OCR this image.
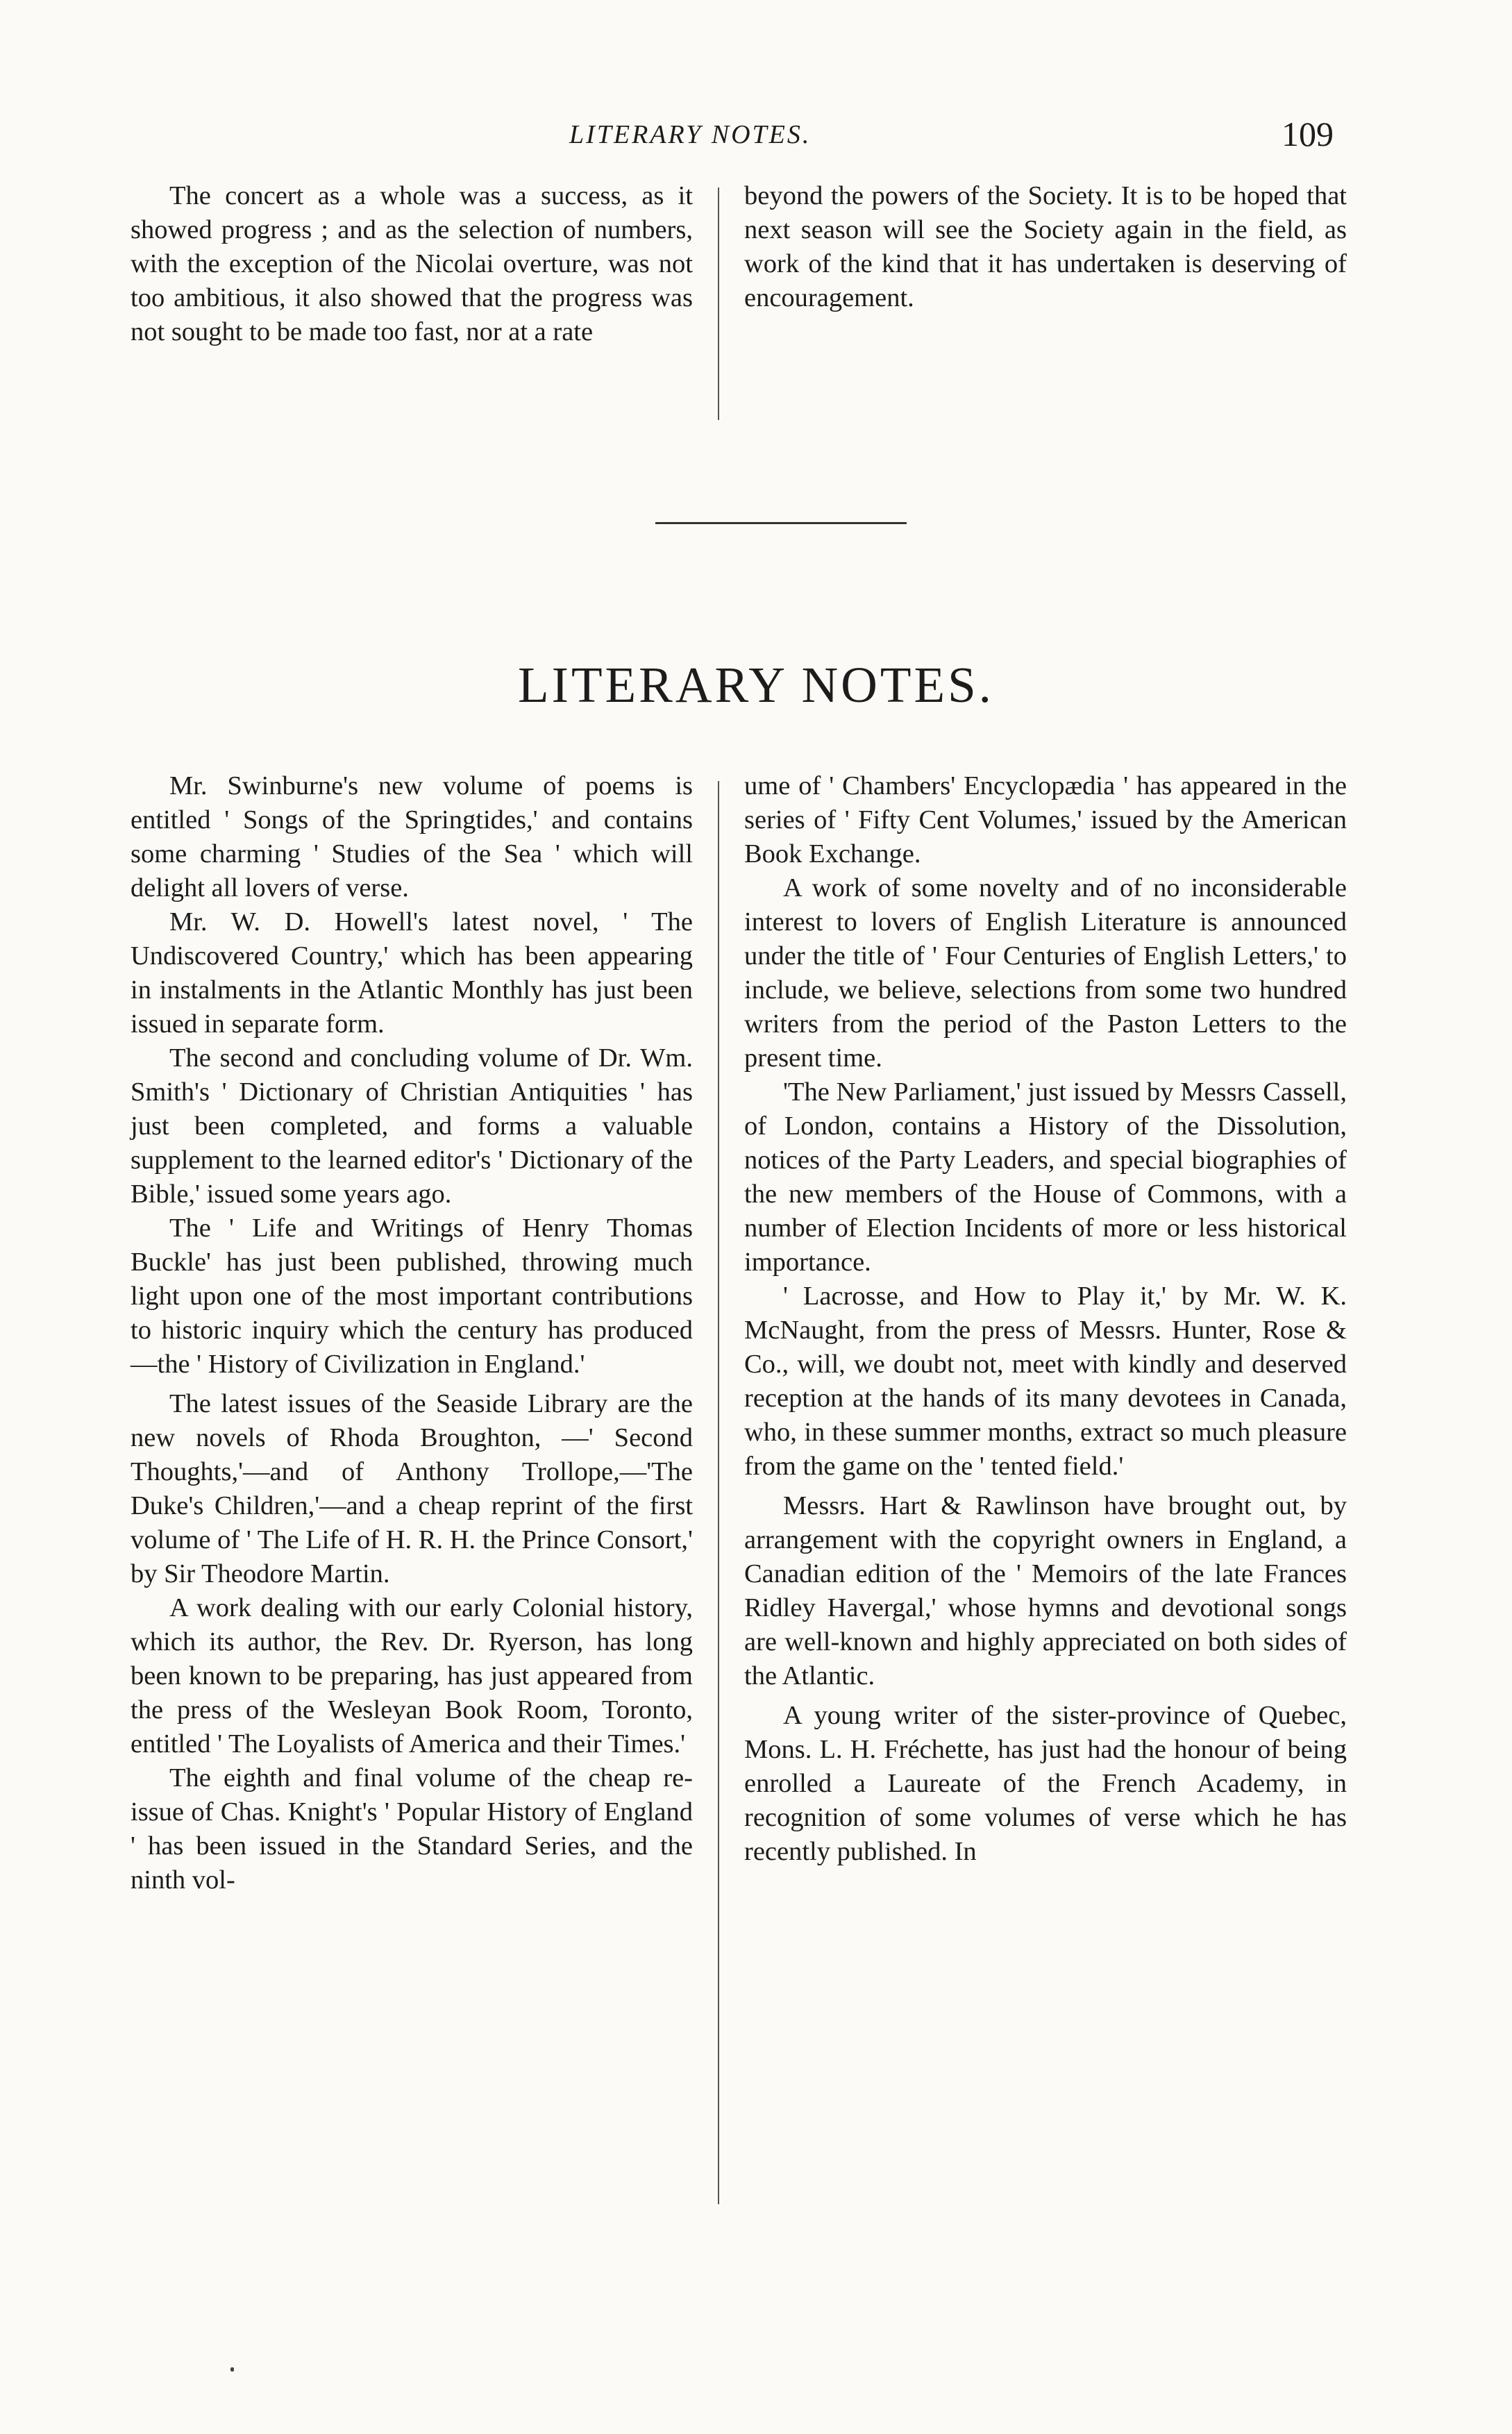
LITERARY NOTES.	109

The concert as a whole was a success, as it showed progress ; and as the selection of numbers, with the exception of the Nicolai overture, was not too ambitious, it also showed that the progress was not sought to be made too fast, nor at a rate

beyond the powers of the Society. It is to be hoped that next season will see the Society again in the field, as work of the kind that it has undertaken is deserving of encouragement.

LITERARY NOTES.

Mr. Swinburne's new volume of poems is entitled ' Songs of the Springtides,' and contains some charming ' Studies of the Sea ' which will delight all lovers of verse.

Mr. W. D. Howell's latest novel, ' The Undiscovered Country,' which has been appearing in instalments in the Atlantic Monthly has just been issued in separate form.

The second and concluding volume of Dr. Wm. Smith's ' Dictionary of Christian Antiquities ' has just been completed, and forms a valuable supplement to the learned editor's ' Dictionary of the Bible,' issued some years ago.

The ' Life and Writings of Henry Thomas Buckle' has just been published, throwing much light upon one of the most important contributions to historic inquiry which the century has produced —the ' History of Civilization in England.'

The latest issues of the Seaside Library are the new novels of Rhoda Broughton, —' Second Thoughts,'—and of Anthony Trollope,—'The Duke's Children,'—and a cheap reprint of the first volume of ' The Life of H. R. H. the Prince Consort,' by Sir Theodore Martin.

A work dealing with our early Colonial history, which its author, the Rev. Dr. Ryerson, has long been known to be preparing, has just appeared from the press of the Wesleyan Book Room, Toronto, entitled ' The Loyalists of America and their Times.'

The eighth and final volume of the cheap re-issue of Chas. Knight's ' Popular History of England ' has been issued in the Standard Series, and the ninth vol-

ume of ' Chambers' Encyclopædia ' has appeared in the series of ' Fifty Cent Volumes,' issued by the American Book Exchange.

A work of some novelty and of no inconsiderable interest to lovers of English Literature is announced under the title of ' Four Centuries of English Letters,' to include, we believe, selections from some two hundred writers from the period of the Paston Letters to the present time.

'The New Parliament,' just issued by Messrs Cassell, of London, contains a History of the Dissolution, notices of the Party Leaders, and special biographies of the new members of the House of Commons, with a number of Election Incidents of more or less historical importance.

' Lacrosse, and How to Play it,' by Mr. W. K. McNaught, from the press of Messrs. Hunter, Rose & Co., will, we doubt not, meet with kindly and deserved reception at the hands of its many devotees in Canada, who, in these summer months, extract so much pleasure from the game on the ' tented field.'

Messrs. Hart & Rawlinson have brought out, by arrangement with the copyright owners in England, a Canadian edition of the ' Memoirs of the late Frances Ridley Havergal,' whose hymns and devotional songs are well-known and highly appreciated on both sides of the Atlantic.

A young writer of the sister-province of Quebec, Mons. L. H. Fréchette, has just had the honour of being enrolled a Laureate of the French Academy, in recognition of some volumes of verse which he has recently published. In
